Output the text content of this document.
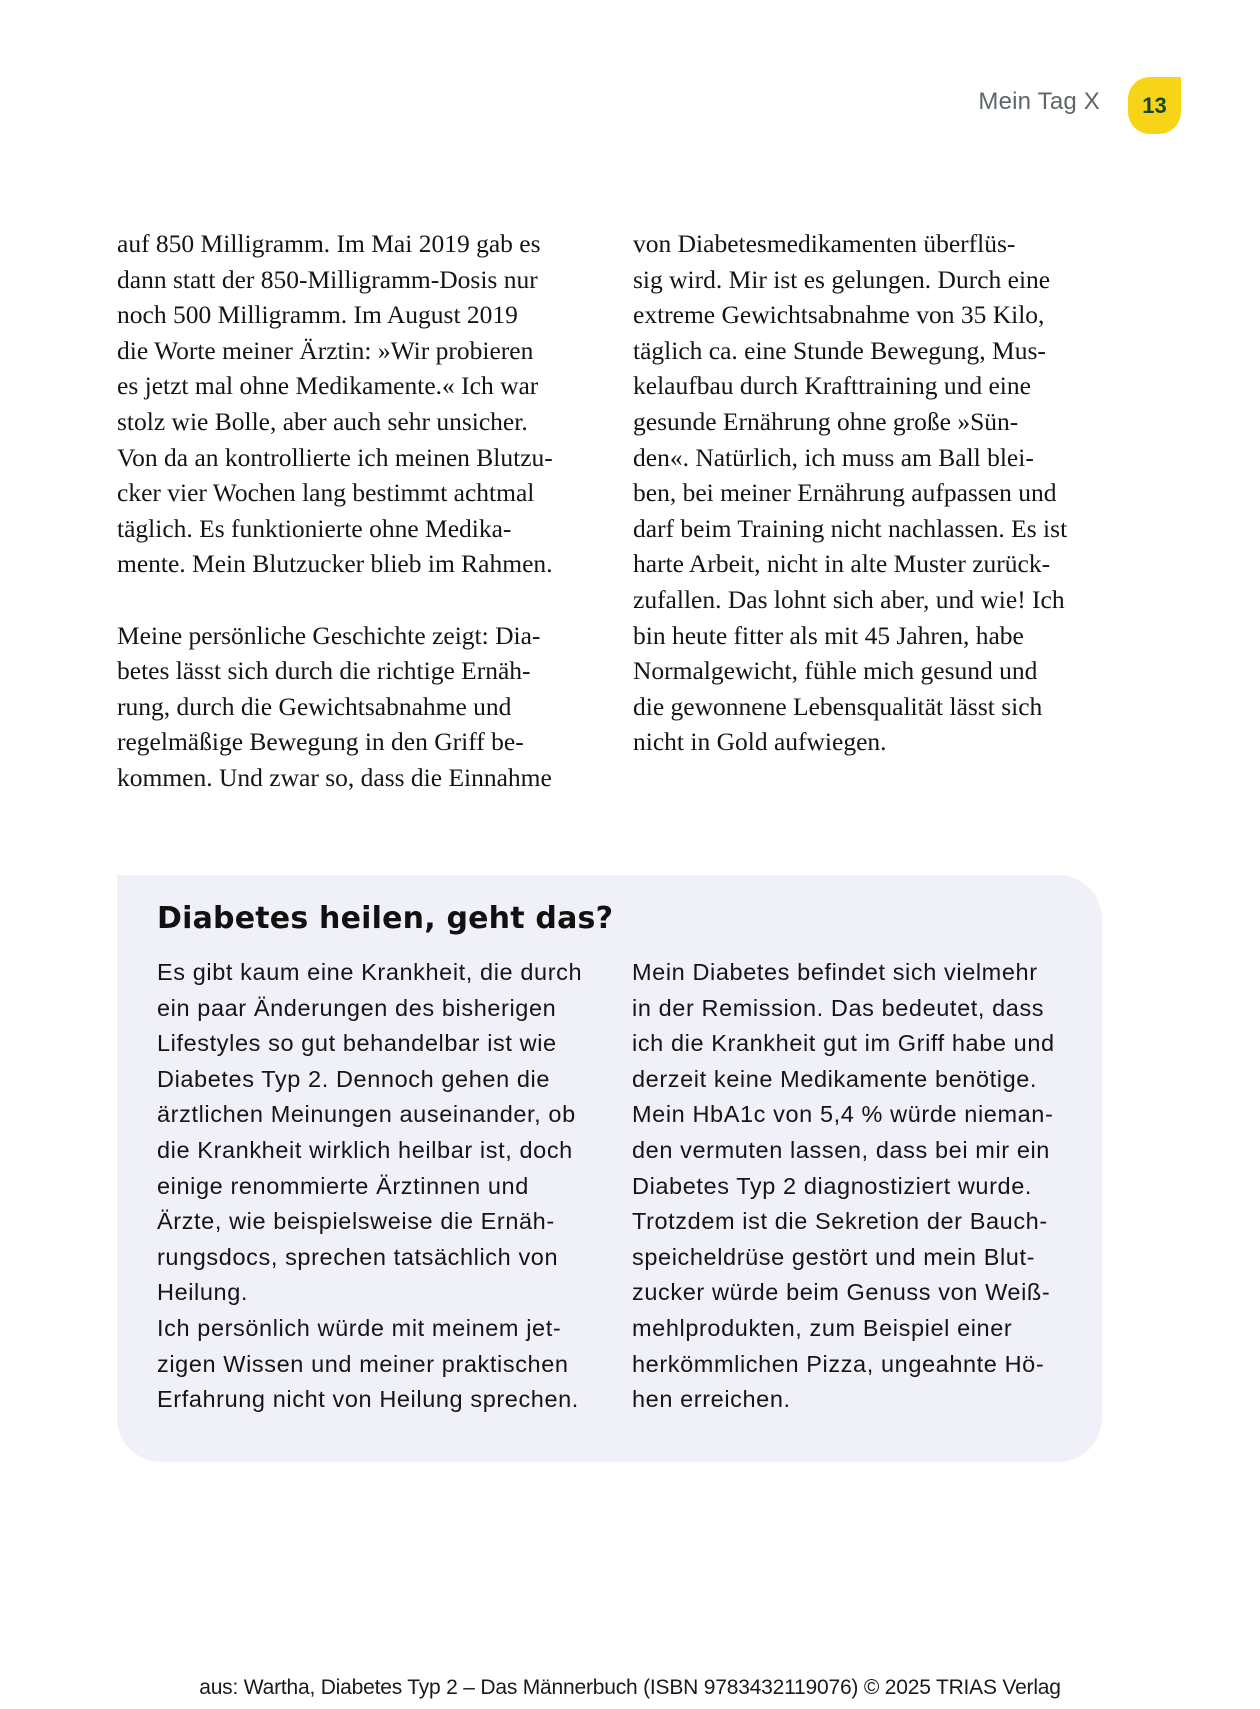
Mein Tag X 13

auf 850 Milligramm. Im Mai 2019 gab es
dann statt der 850-Milligramm-Dosis nur
noch 500 Milligramm. Im August 2019
die Worte meiner Ärztin: »Wir probieren
es jetzt mal ohne Medikamente.« Ich war
stolz wie Bolle, aber auch sehr unsicher.
Von da an kontrollierte ich meinen Blutzu-
cker vier Wochen lang bestimmt achtmal
täglich. Es funktionierte ohne Medika-
mente. Mein Blutzucker blieb im Rahmen.

Meine persönliche Geschichte zeigt: Dia-
betes lässt sich durch die richtige Ernäh-
rung, durch die Gewichtsabnahme und
regelmäßige Bewegung in den Griff be-
kommen. Und zwar so, dass die Einnahme

von Diabetesmedikamenten überflüs-
sig wird. Mir ist es gelungen. Durch eine
extreme Gewichtsabnahme von 35 Kilo,
täglich ca. eine Stunde Bewegung, Mus-
kelaufbau durch Krafttraining und eine
gesunde Ernährung ohne große »Sün-
den«. Natürlich, ich muss am Ball blei-
ben, bei meiner Ernährung aufpassen und
darf beim Training nicht nachlassen. Es ist
harte Arbeit, nicht in alte Muster zurück-
zufallen. Das lohnt sich aber, und wie! Ich
bin heute fitter als mit 45 Jahren, habe
Normalgewicht, fühle mich gesund und
die gewonnene Lebensqualität lässt sich
nicht in Gold aufwiegen.

Diabetes heilen, geht das?
Es gibt kaum eine Krankheit, die durch
ein paar Änderungen des bisherigen
Lifestyles so gut behandelbar ist wie
Diabetes Typ 2. Dennoch gehen die
ärztlichen Meinungen auseinander, ob
die Krankheit wirklich heilbar ist, doch
einige renommierte Ärztinnen und
Ärzte, wie beispielsweise die Ernäh-
rungsdocs, sprechen tatsächlich von
Heilung.
Ich persönlich würde mit meinem jet-
zigen Wissen und meiner praktischen
Erfahrung nicht von Heilung sprechen.
Mein Diabetes befindet sich vielmehr
in der Remission. Das bedeutet, dass
ich die Krankheit gut im Griff habe und
derzeit keine Medikamente benötige.
Mein HbA1c von 5,4 % würde nieman-
den vermuten lassen, dass bei mir ein
Diabetes Typ 2 diagnostiziert wurde.
Trotzdem ist die Sekretion der Bauch-
speicheldrüse gestört und mein Blut-
zucker würde beim Genuss von Weiß-
mehlprodukten, zum Beispiel einer
herkömmlichen Pizza, ungeahnte Hö-
hen erreichen.
aus: Wartha, Diabetes Typ 2 – Das Männerbuch (ISBN 9783432119076) © 2025 TRIAS Verlag
